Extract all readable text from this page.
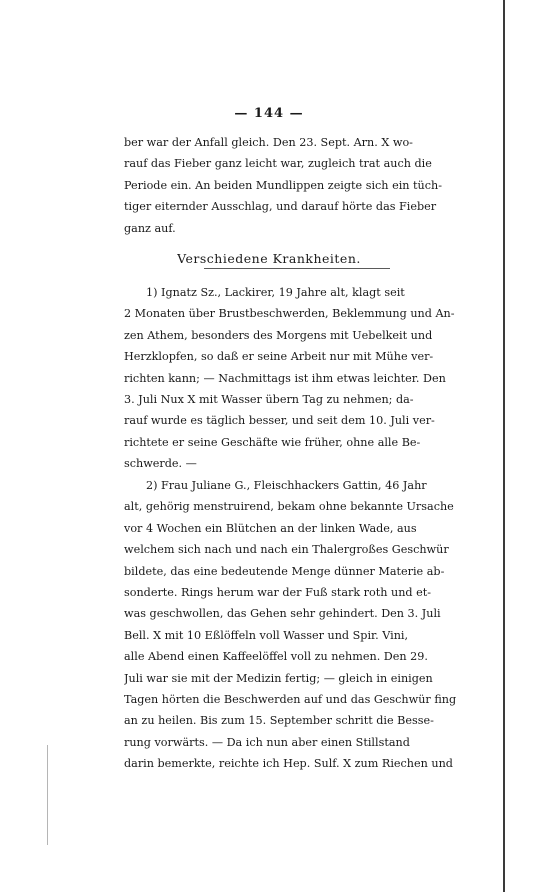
— 144 —
ber war der Anfall gleich. Den 23. Sept. Arn. X wo-
rauf das Fieber ganz leicht war, zugleich trat auch die
Periode ein. An beiden Mundlippen zeigte sich ein tüch-
tiger eiternder Ausschlag, und darauf hörte das Fieber
ganz auf.
Verschiedene Krankheiten.
1) Ignatz Sz., Lackirer, 19 Jahre alt, klagt seit
2 Monaten über Brustbeschwerden, Beklemmung und An-
zen Athem, besonders des Morgens mit Uebelkeit und
Herzklopfen, so daß er seine Arbeit nur mit Mühe ver-
richten kann; — Nachmittags ist ihm etwas leichter. Den
3. Juli Nux X mit Wasser übern Tag zu nehmen; da-
rauf wurde es täglich besser, und seit dem 10. Juli ver-
richtete er seine Geschäfte wie früher, ohne alle Be-
schwerde. —
2) Frau Juliane G., Fleischhackers Gattin, 46 Jahr
alt, gehörig menstruirend, bekam ohne bekannte Ursache
vor 4 Wochen ein Blütchen an der linken Wade, aus
welchem sich nach und nach ein Thalergroßes Geschwür
bildete, das eine bedeutende Menge dünner Materie ab-
sonderte. Rings herum war der Fuß stark roth und et-
was geschwollen, das Gehen sehr gehindert. Den 3. Juli
Bell. X mit 10 Eßlöffeln voll Wasser und Spir. Vini,
alle Abend einen Kaffeelöffel voll zu nehmen. Den 29.
Juli war sie mit der Medizin fertig; — gleich in einigen
Tagen hörten die Beschwerden auf und das Geschwür fing
an zu heilen. Bis zum 15. September schritt die Besse-
rung vorwärts. — Da ich nun aber einen Stillstand
darin bemerkte, reichte ich Hep. Sulf. X zum Riechen und
